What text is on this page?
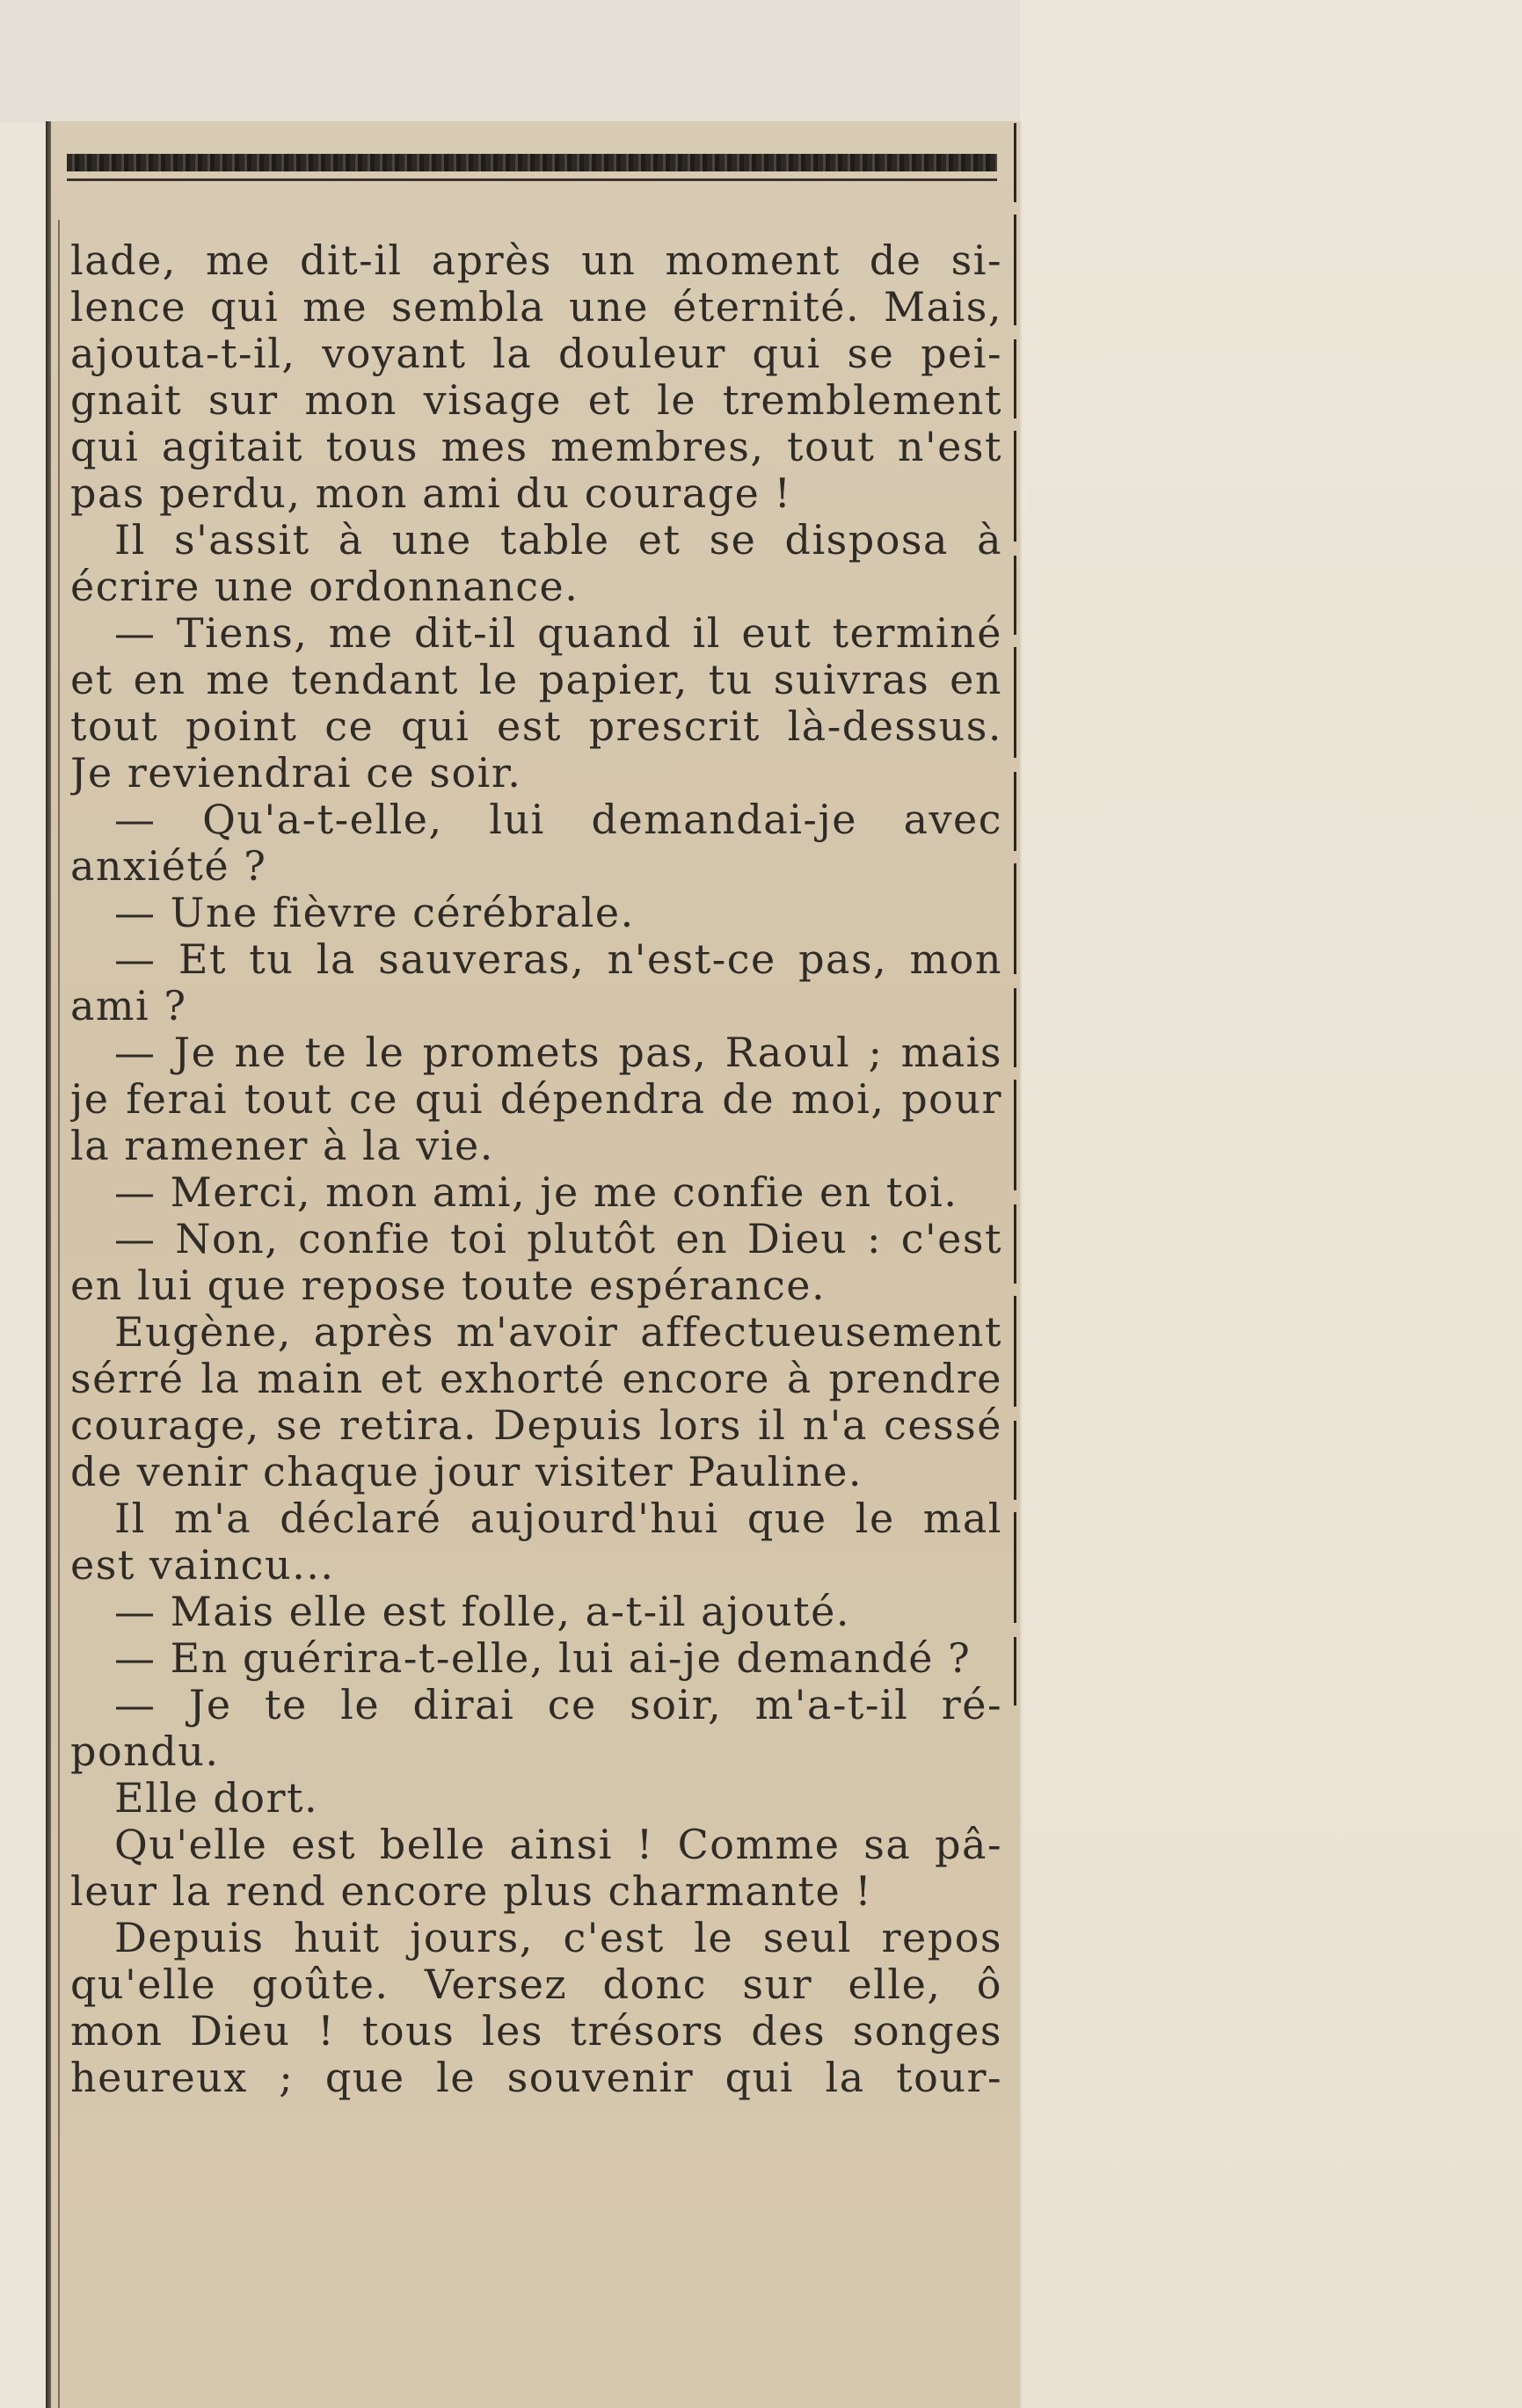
lade, me dit-il après un moment de si-
lence qui me sembla une éternité. Mais,
ajouta-t-il, voyant la douleur qui se pei-
gnait sur mon visage et le tremblement
qui agitait tous mes membres, tout n'est
pas perdu, mon ami du courage !
Il s'assit à une table et se disposa à
écrire une ordonnance.
— Tiens, me dit-il quand il eut terminé
et en me tendant le papier, tu suivras en
tout point ce qui est prescrit là-dessus.
Je reviendrai ce soir.
— Qu'a-t-elle, lui demandai-je avec
anxiété ?
— Une fièvre cérébrale.
— Et tu la sauveras, n'est-ce pas, mon
ami ?
— Je ne te le promets pas, Raoul ; mais
je ferai tout ce qui dépendra de moi, pour
la ramener à la vie.
— Merci, mon ami, je me confie en toi.
— Non, confie toi plutôt en Dieu : c'est
en lui que repose toute espérance.
Eugène, après m'avoir affectueusement
sérré la main et exhorté encore à prendre
courage, se retira. Depuis lors il n'a cessé
de venir chaque jour visiter Pauline.
Il m'a déclaré aujourd'hui que le mal
est vaincu...
— Mais elle est folle, a-t-il ajouté.
— En guérira-t-elle, lui ai-je demandé ?
— Je te le dirai ce soir, m'a-t-il ré-
pondu.
Elle dort.
Qu'elle est belle ainsi ! Comme sa pâ-
leur la rend encore plus charmante !
Depuis huit jours, c'est le seul repos
qu'elle goûte. Versez donc sur elle, ô
mon Dieu ! tous les trésors des songes
heureux ; que le souvenir qui la tour-
